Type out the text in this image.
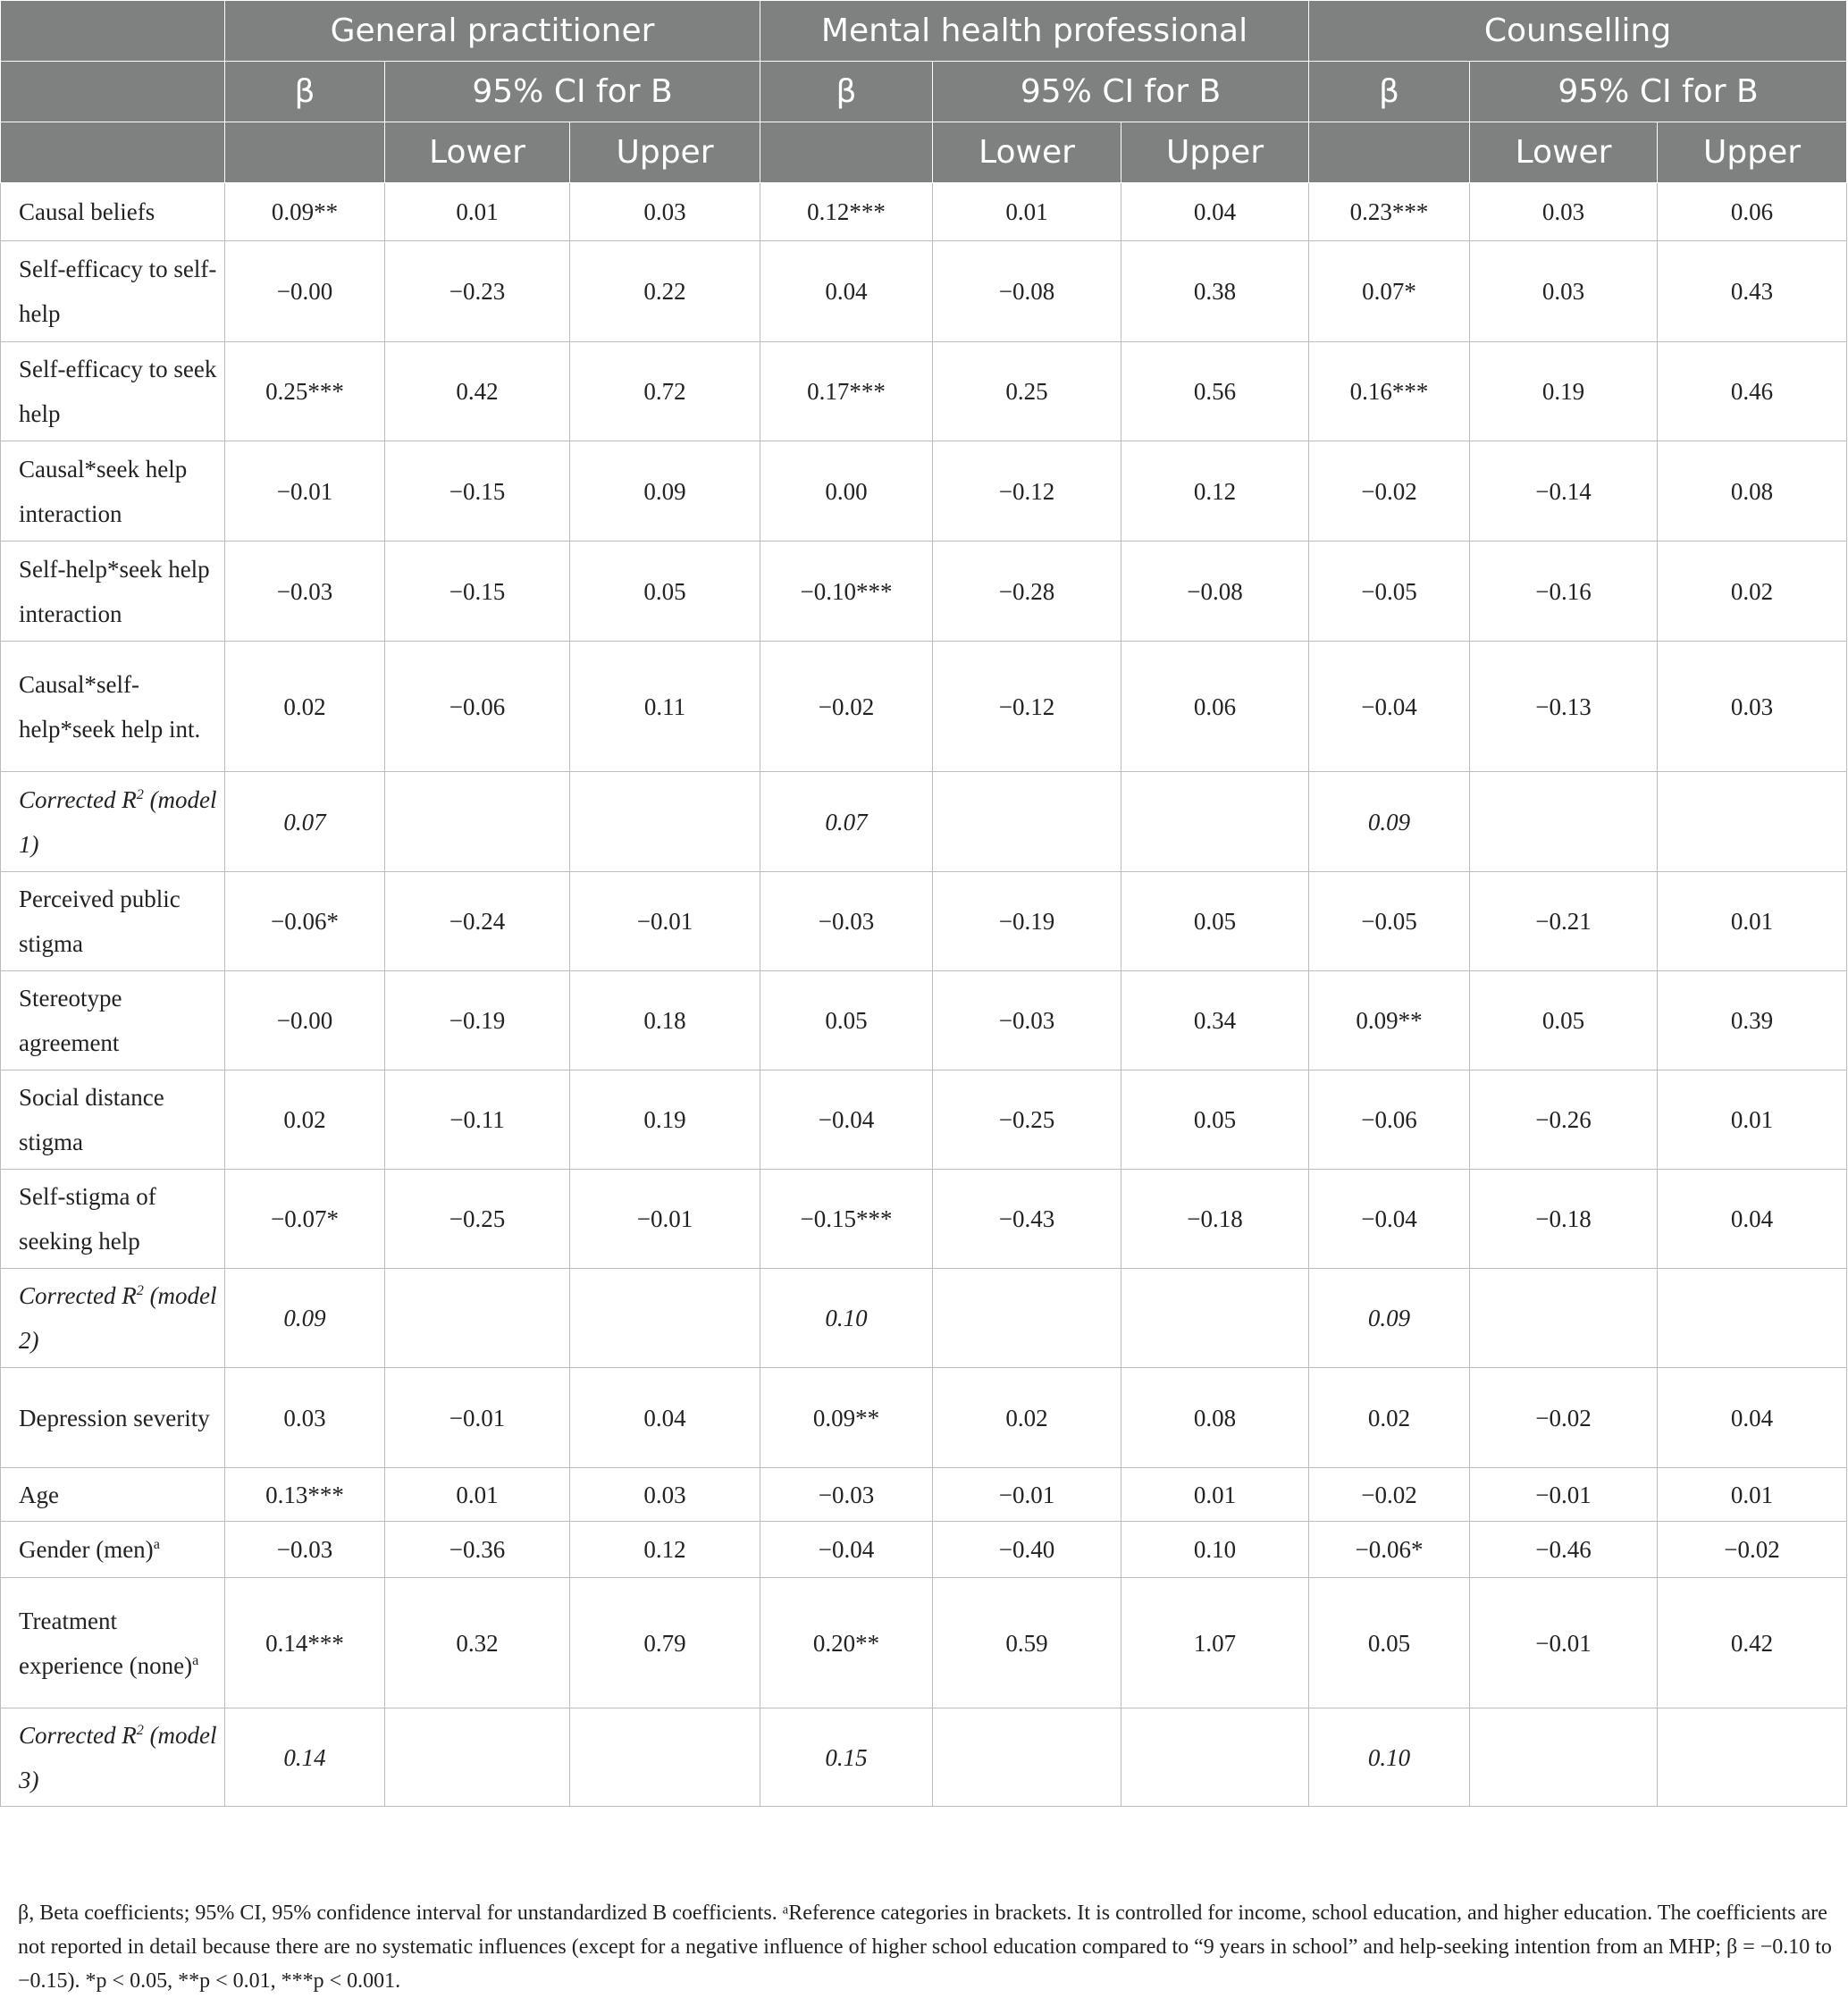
	General practitioner			Mental health professional			Counselling		
	β	95% CI for B		β	95% CI for B		β	95% CI for B	
		Lower	Upper		Lower	Upper		Lower	Upper
Causal beliefs	0.09**	0.01	0.03	0.12***	0.01	0.04	0.23***	0.03	0.06
Self-efficacy to self-help	−0.00	−0.23	0.22	0.04	−0.08	0.38	0.07*	0.03	0.43
Self-efficacy to seek help	0.25***	0.42	0.72	0.17***	0.25	0.56	0.16***	0.19	0.46
Causal*seek help interaction	−0.01	−0.15	0.09	0.00	−0.12	0.12	−0.02	−0.14	0.08
Self-help*seek help interaction	−0.03	−0.15	0.05	−0.10***	−0.28	−0.08	−0.05	−0.16	0.02
Causal*self-help*seek help int.	0.02	−0.06	0.11	−0.02	−0.12	0.06	−0.04	−0.13	0.03
Corrected $R^2$ (model 1)	0.07			0.07			0.09		
Perceived public stigma	−0.06*	−0.24	−0.01	−0.03	−0.19	0.05	−0.05	−0.21	0.01
Stereotype agreement	−0.00	−0.19	0.18	0.05	−0.03	0.34	0.09**	0.05	0.39
Social distance stigma	0.02	−0.11	0.19	−0.04	−0.25	0.05	−0.06	−0.26	0.01
Self-stigma of seeking help	−0.07*	−0.25	−0.01	−0.15***	−0.43	−0.18	−0.04	−0.18	0.04
Corrected $R^2$ (model 2)	0.09			0.10			0.09		
Depression severity	0.03	−0.01	0.04	0.09**	0.02	0.08	0.02	−0.02	0.04
Age	0.13***	0.01	0.03	−0.03	−0.01	0.01	−0.02	−0.01	0.01
Gender (men)$^a$	−0.03	−0.36	0.12	−0.04	−0.40	0.10	−0.06*	−0.46	−0.02
Treatment experience (none)$^a$	0.14***	0.32	0.79	0.20**	0.59	1.07	0.05	−0.01	0.42
Corrected $R^2$ (model 3)	0.14			0.15			0.10		
β, Beta coefficients; 95% CI, 95% confidence interval for unstandardized B coefficients. ᵃReference categories in brackets. It is controlled for income, school education, and higher education. The coefficients are not reported in detail because there are no systematic influences (except for a negative influence of higher school education compared to “9 years in school” and help-seeking intention from an MHP; β = −0.10 to −0.15). *p < 0.05, **p < 0.01, ***p < 0.001.
